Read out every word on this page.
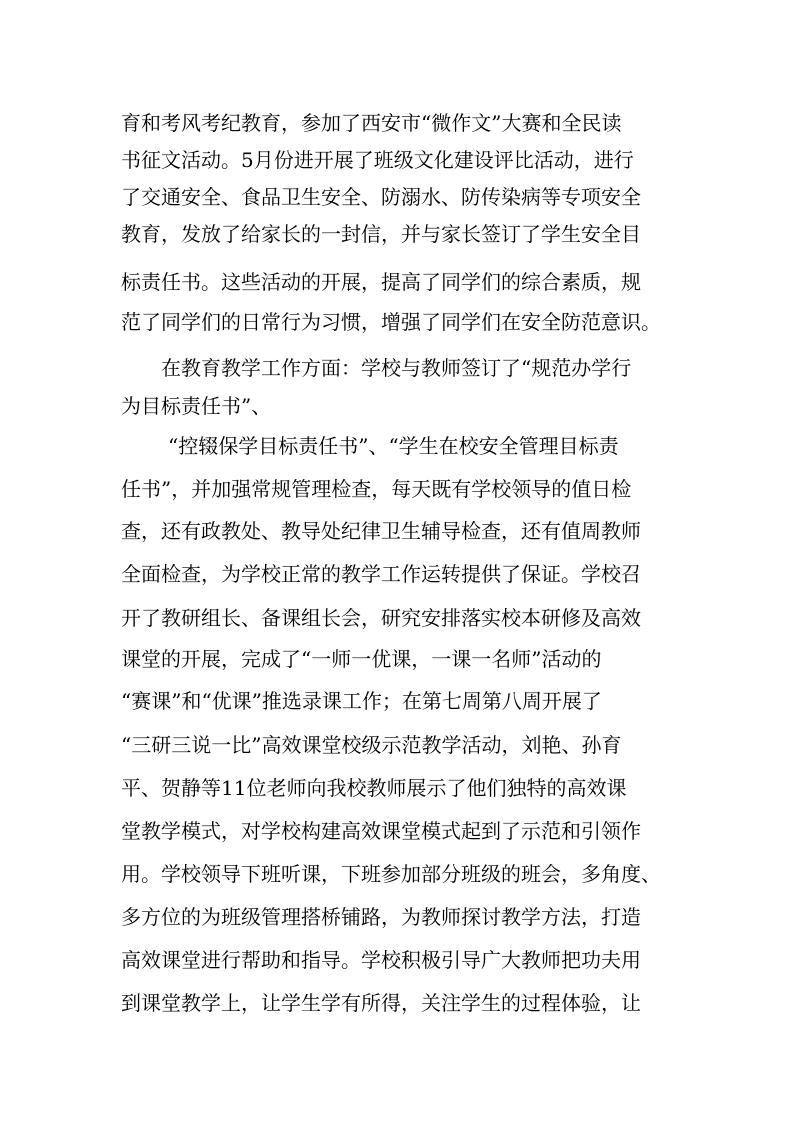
育和考风考纪教育，参加了西安市“微作文”大赛和全民读
书征文活动。5月份进开展了班级文化建设评比活动，进行
了交通安全、食品卫生安全、防溺水、防传染病等专项安全
教育，发放了给家长的一封信，并与家长签订了学生安全目
标责任书。这些活动的开展，提高了同学们的综合素质，规
范了同学们的日常行为习惯，增强了同学们在安全防范意识。
在教育教学工作方面：学校与教师签订了“规范办学行
为目标责任书”、
“控辍保学目标责任书”、“学生在校安全管理目标责
任书”，并加强常规管理检查，每天既有学校领导的值日检
查，还有政教处、教导处纪律卫生辅导检查，还有值周教师
全面检查，为学校正常的教学工作运转提供了保证。学校召
开了教研组长、备课组长会，研究安排落实校本研修及高效
课堂的开展，完成了“一师一优课，一课一名师”活动的
“赛课”和“优课”推选录课工作；在第七周第八周开展了
“三研三说一比”高效课堂校级示范教学活动，刘艳、孙育
平、贺静等11位老师向我校教师展示了他们独特的高效课
堂教学模式，对学校构建高效课堂模式起到了示范和引领作
用。学校领导下班听课，下班参加部分班级的班会，多角度、
多方位的为班级管理搭桥铺路，为教师探讨教学方法，打造
高效课堂进行帮助和指导。学校积极引导广大教师把功夫用
到课堂教学上，让学生学有所得，关注学生的过程体验，让
